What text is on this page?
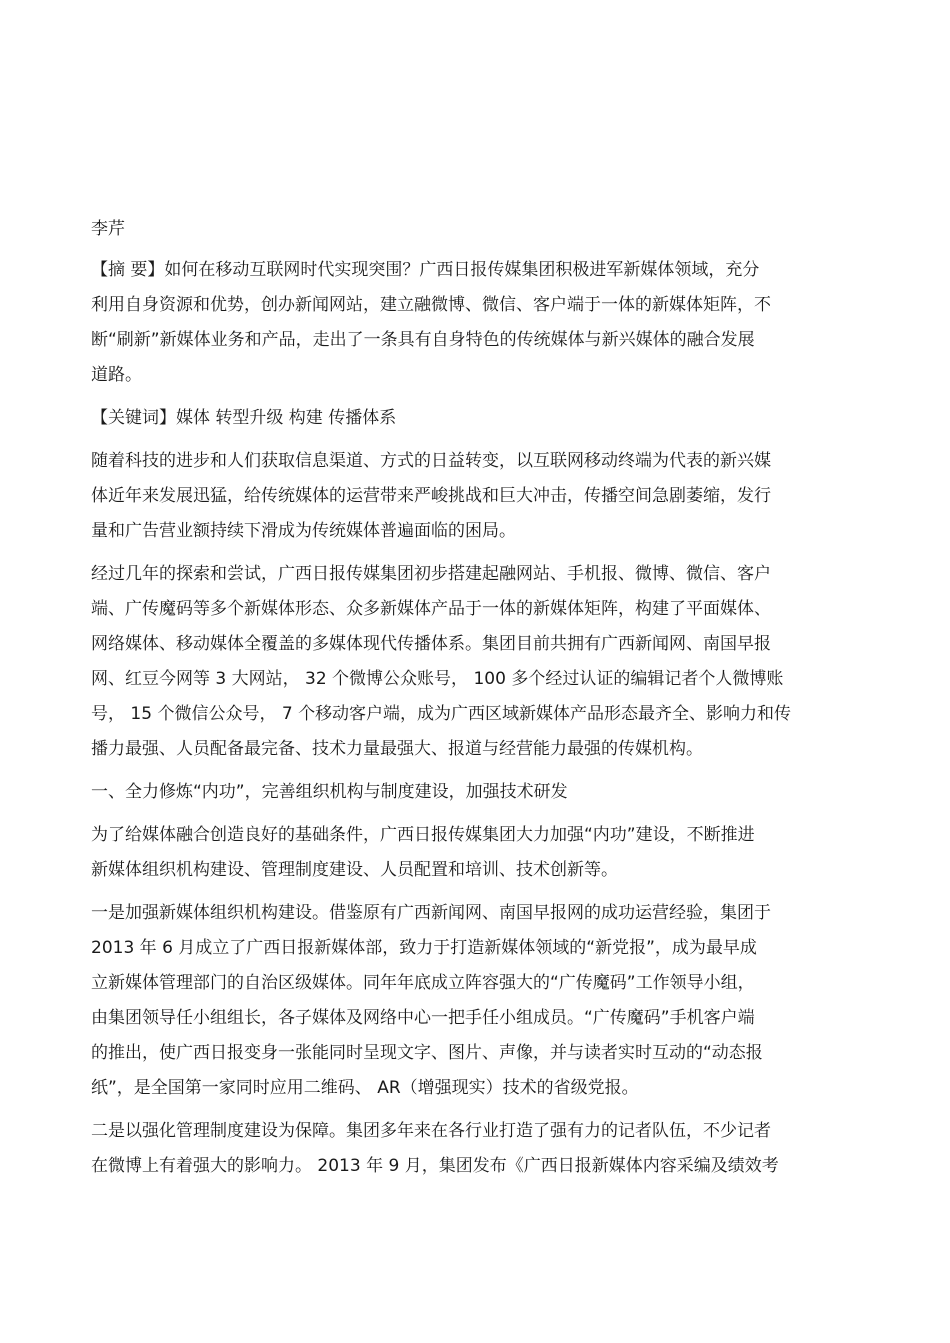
李芹

【摘 要】如何在移动互联网时代实现突围？广西日报传媒集团积极进军新媒体领域，充分
利用自身资源和优势，创办新闻网站，建立融微博、微信、客户端于一体的新媒体矩阵，不
断“刷新”新媒体业务和产品，走出了一条具有自身特色的传统媒体与新兴媒体的融合发展
道路。

【关键词】媒体 转型升级 构建 传播体系

随着科技的进步和人们获取信息渠道、方式的日益转变，以互联网移动终端为代表的新兴媒
体近年来发展迅猛，给传统媒体的运营带来严峻挑战和巨大冲击，传播空间急剧萎缩，发行
量和广告营业额持续下滑成为传统媒体普遍面临的困局。

经过几年的探索和尝试，广西日报传媒集团初步搭建起融网站、手机报、微博、微信、客户
端、广传魔码等多个新媒体形态、众多新媒体产品于一体的新媒体矩阵，构建了平面媒体、
网络媒体、移动媒体全覆盖的多媒体现代传播体系。集团目前共拥有广西新闻网、南国早报
网、红豆今网等 3 大网站， 32 个微博公众账号， 100 多个经过认证的编辑记者个人微博账
号， 15 个微信公众号， 7 个移动客户端，成为广西区域新媒体产品形态最齐全、影响力和传
播力最强、人员配备最完备、技术力量最强大、报道与经营能力最强的传媒机构。

一、全力修炼“内功”，完善组织机构与制度建设，加强技术研发

为了给媒体融合创造良好的基础条件，广西日报传媒集团大力加强“内功”建设，不断推进
新媒体组织机构建设、管理制度建设、人员配置和培训、技术创新等。

一是加强新媒体组织机构建设。借鉴原有广西新闻网、南国早报网的成功运营经验，集团于
2013 年 6 月成立了广西日报新媒体部，致力于打造新媒体领域的“新党报”，成为最早成
立新媒体管理部门的自治区级媒体。同年年底成立阵容强大的“广传魔码”工作领导小组，
由集团领导任小组组长，各子媒体及网络中心一把手任小组成员。“广传魔码”手机客户端
的推出，使广西日报变身一张能同时呈现文字、图片、声像，并与读者实时互动的“动态报
纸”，是全国第一家同时应用二维码、 AR（增强现实）技术的省级党报。

二是以强化管理制度建设为保障。集团多年来在各行业打造了强有力的记者队伍，不少记者
在微博上有着强大的影响力。 2013 年 9 月，集团发布《广西日报新媒体内容采编及绩效考
